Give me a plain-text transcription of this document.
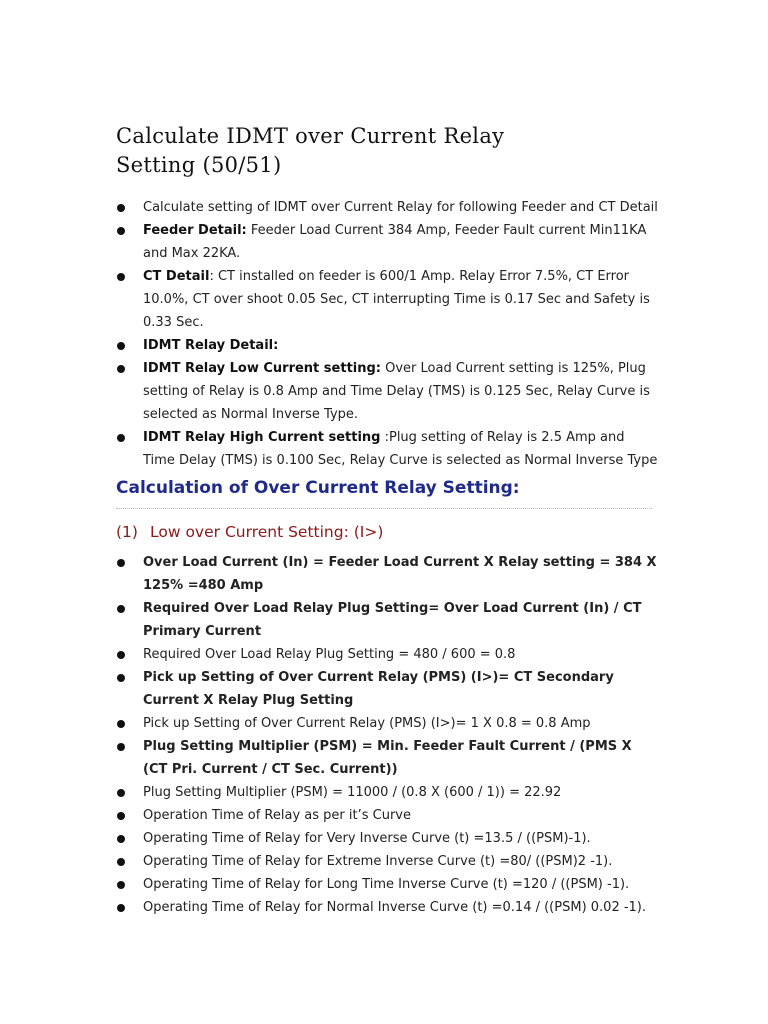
Calculate IDMT over Current Relay
Setting (50/51)
Calculate setting of IDMT over Current Relay for following Feeder and CT Detail
Feeder Detail: Feeder Load Current 384 Amp, Feeder Fault current Min11KA and Max 22KA.
CT Detail: CT installed on feeder is 600/1 Amp. Relay Error 7.5%, CT Error 10.0%, CT over shoot 0.05 Sec, CT interrupting Time is 0.17 Sec and Safety is 0.33 Sec.
IDMT Relay Detail:
IDMT Relay Low Current setting: Over Load Current setting is 125%, Plug setting of Relay is 0.8 Amp and Time Delay (TMS) is 0.125 Sec, Relay Curve is selected as Normal Inverse Type.
IDMT Relay High Current setting :Plug setting of Relay is 2.5 Amp and Time Delay (TMS) is 0.100 Sec, Relay Curve is selected as Normal Inverse Type
Calculation of Over Current Relay Setting:
(1) Low over Current Setting: (I>)
Over Load Current (In) = Feeder Load Current X Relay setting = 384 X 125% =480 Amp
Required Over Load Relay Plug Setting= Over Load Current (In) / CT Primary Current
Required Over Load Relay Plug Setting = 480 / 600 = 0.8
Pick up Setting of Over Current Relay (PMS) (I>)= CT Secondary Current X Relay Plug Setting
Pick up Setting of Over Current Relay (PMS) (I>)= 1 X 0.8 = 0.8 Amp
Plug Setting Multiplier (PSM) = Min. Feeder Fault Current / (PMS X (CT Pri. Current / CT Sec. Current))
Plug Setting Multiplier (PSM) = 11000 / (0.8 X (600 / 1)) = 22.92
Operation Time of Relay as per it’s Curve
Operating Time of Relay for Very Inverse Curve (t) =13.5 / ((PSM)-1).
Operating Time of Relay for Extreme Inverse Curve (t) =80/ ((PSM)2 -1).
Operating Time of Relay for Long Time Inverse Curve (t) =120 / ((PSM) -1).
Operating Time of Relay for Normal Inverse Curve (t) =0.14 / ((PSM) 0.02 -1).
